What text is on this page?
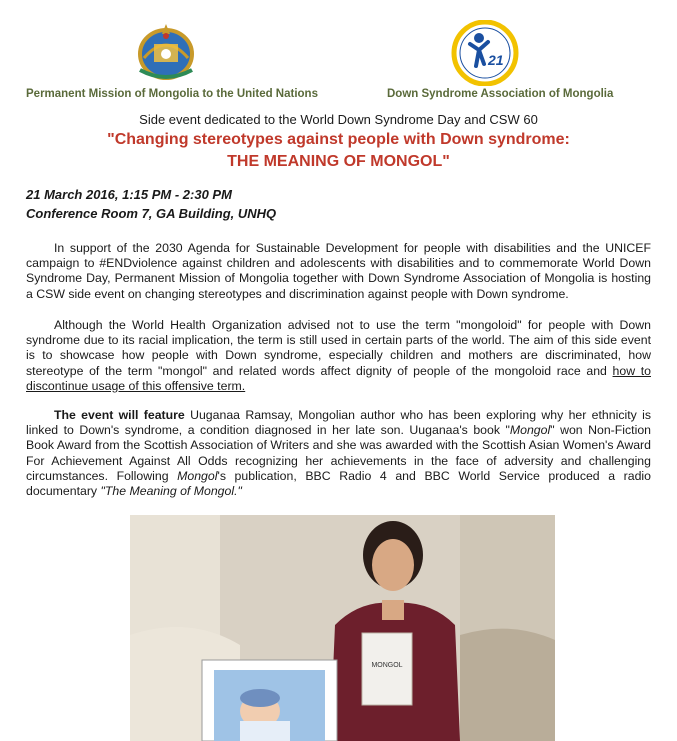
21
Permanent Mission of Mongolia to the United Nations	Down Syndrome Association of Mongolia
Side event dedicated to the World Down Syndrome Day and CSW 60
"Changing stereotypes against people with Down syndrome:
THE MEANING OF MONGOL"
21 March 2016, 1:15 PM - 2:30 PM
Conference Room 7, GA Building, UNHQ

In support of the 2030 Agenda for Sustainable Development for people with disabilities and the UNICEF campaign to #ENDviolence against children and adolescents with disabilities and to commemorate World Down Syndrome Day, Permanent Mission of Mongolia together with Down Syndrome Association of Mongolia is hosting a CSW side event on changing stereotypes and discrimination against people with Down syndrome.

Although the World Health Organization advised not to use the term "mongoloid" for people with Down syndrome due to its racial implication, the term is still used in certain parts of the world. The aim of this side event is to showcase how people with Down syndrome, especially children and mothers are discriminated, how stereotype of the term "mongol" and related words affect dignity of people of the mongoloid race and how to discontinue usage of this offensive term.

The event will feature Uuganaa Ramsay, Mongolian author who has been exploring why her ethnicity is linked to Down's syndrome, a condition diagnosed in her late son. Uuganaa's book "Mongol" won Non-Fiction Book Award from the Scottish Association of Writers and she was awarded with the Scottish Asian Women's Award For Achievement Against All Odds recognizing her achievements in the face of adversity and challenging circumstances. Following Mongol's publication, BBC Radio 4 and BBC World Service produced a radio documentary "The Meaning of Mongol."

MONGOL
